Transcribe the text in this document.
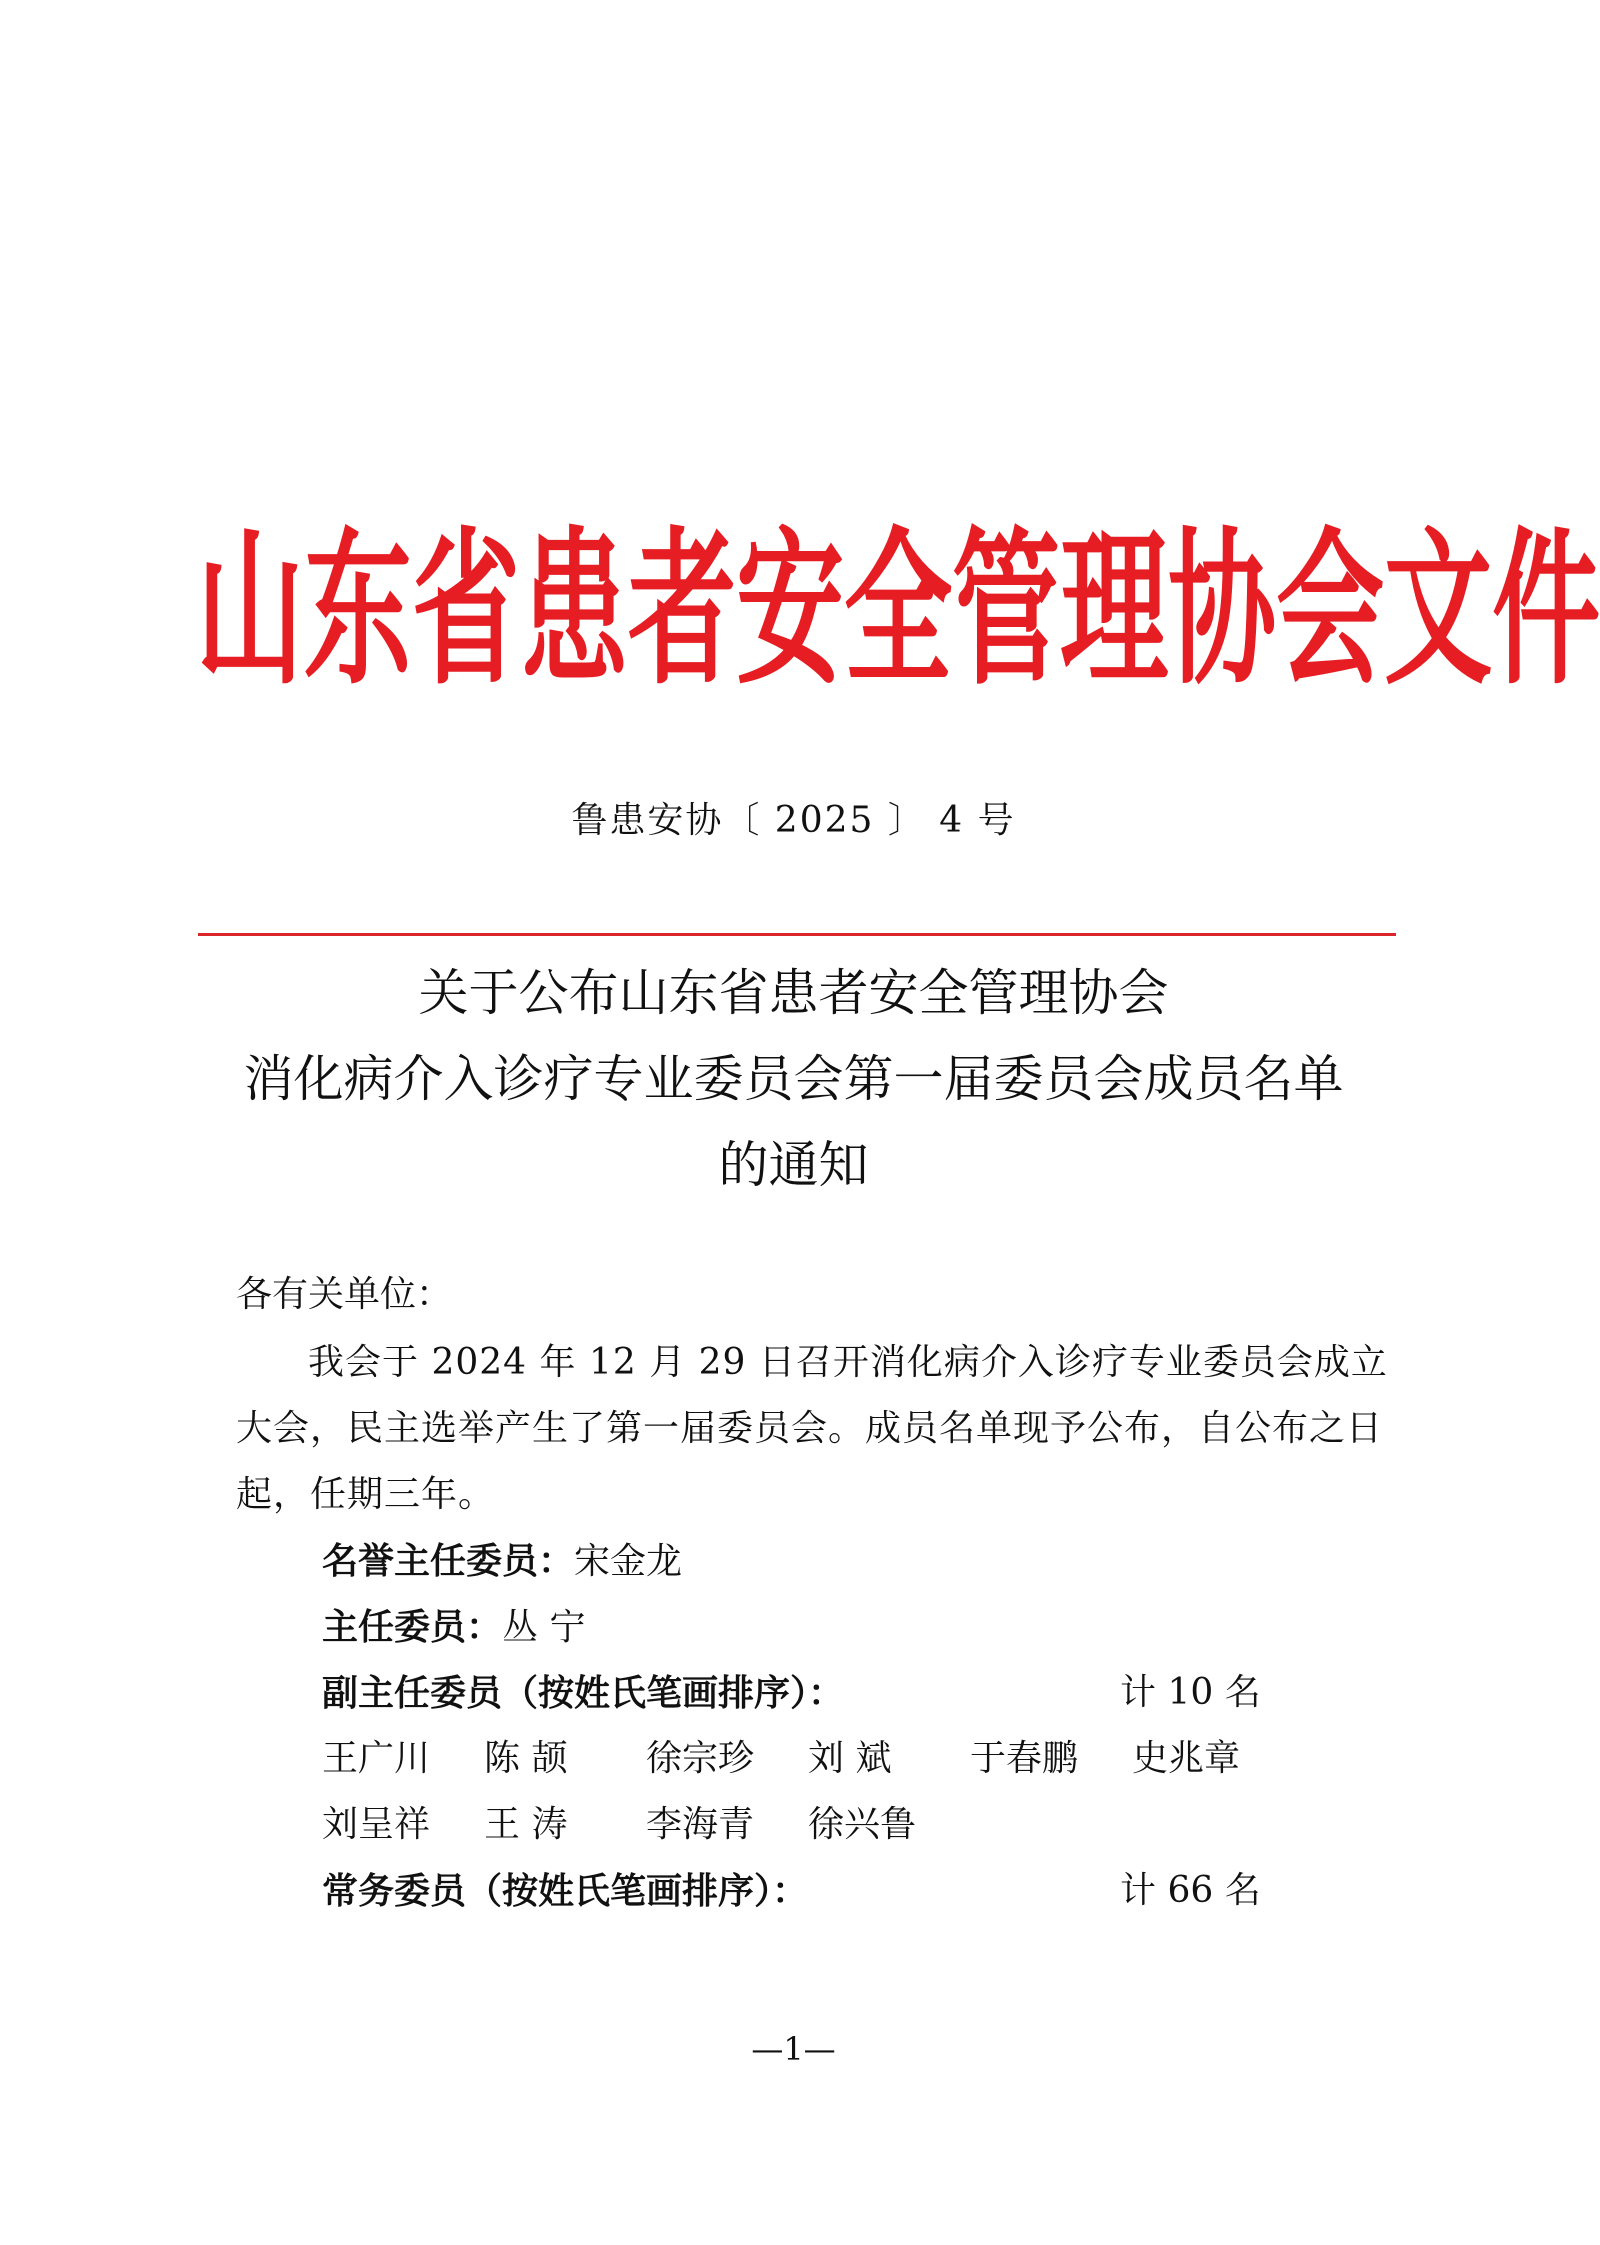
山 东 省 患 者 安 全 管 理 协 会 文 件
鲁患安协〔 2025 〕 4 号
关于公布山东省患者安全管理协会
消化病介入诊疗专业委员会第一届委员会成员名单
的通知
各有关单位：
我会于 2024 年 12 月 29 日召开消化病介入诊疗专业委员会成立大会，民主选举产生了第一届委员会。成员名单现予公布，自公布之日起，任期三年。
名誉主任委员：宋金龙
主任委员：丛 宁
副主任委员（按姓氏笔画排序）：	计 10 名
王广川 陈 颉 徐宗珍 刘 斌 于春鹏 史兆章
刘呈祥 王 涛 李海青 徐兴鲁
常务委员（按姓氏笔画排序）：	计 66 名
—1—
